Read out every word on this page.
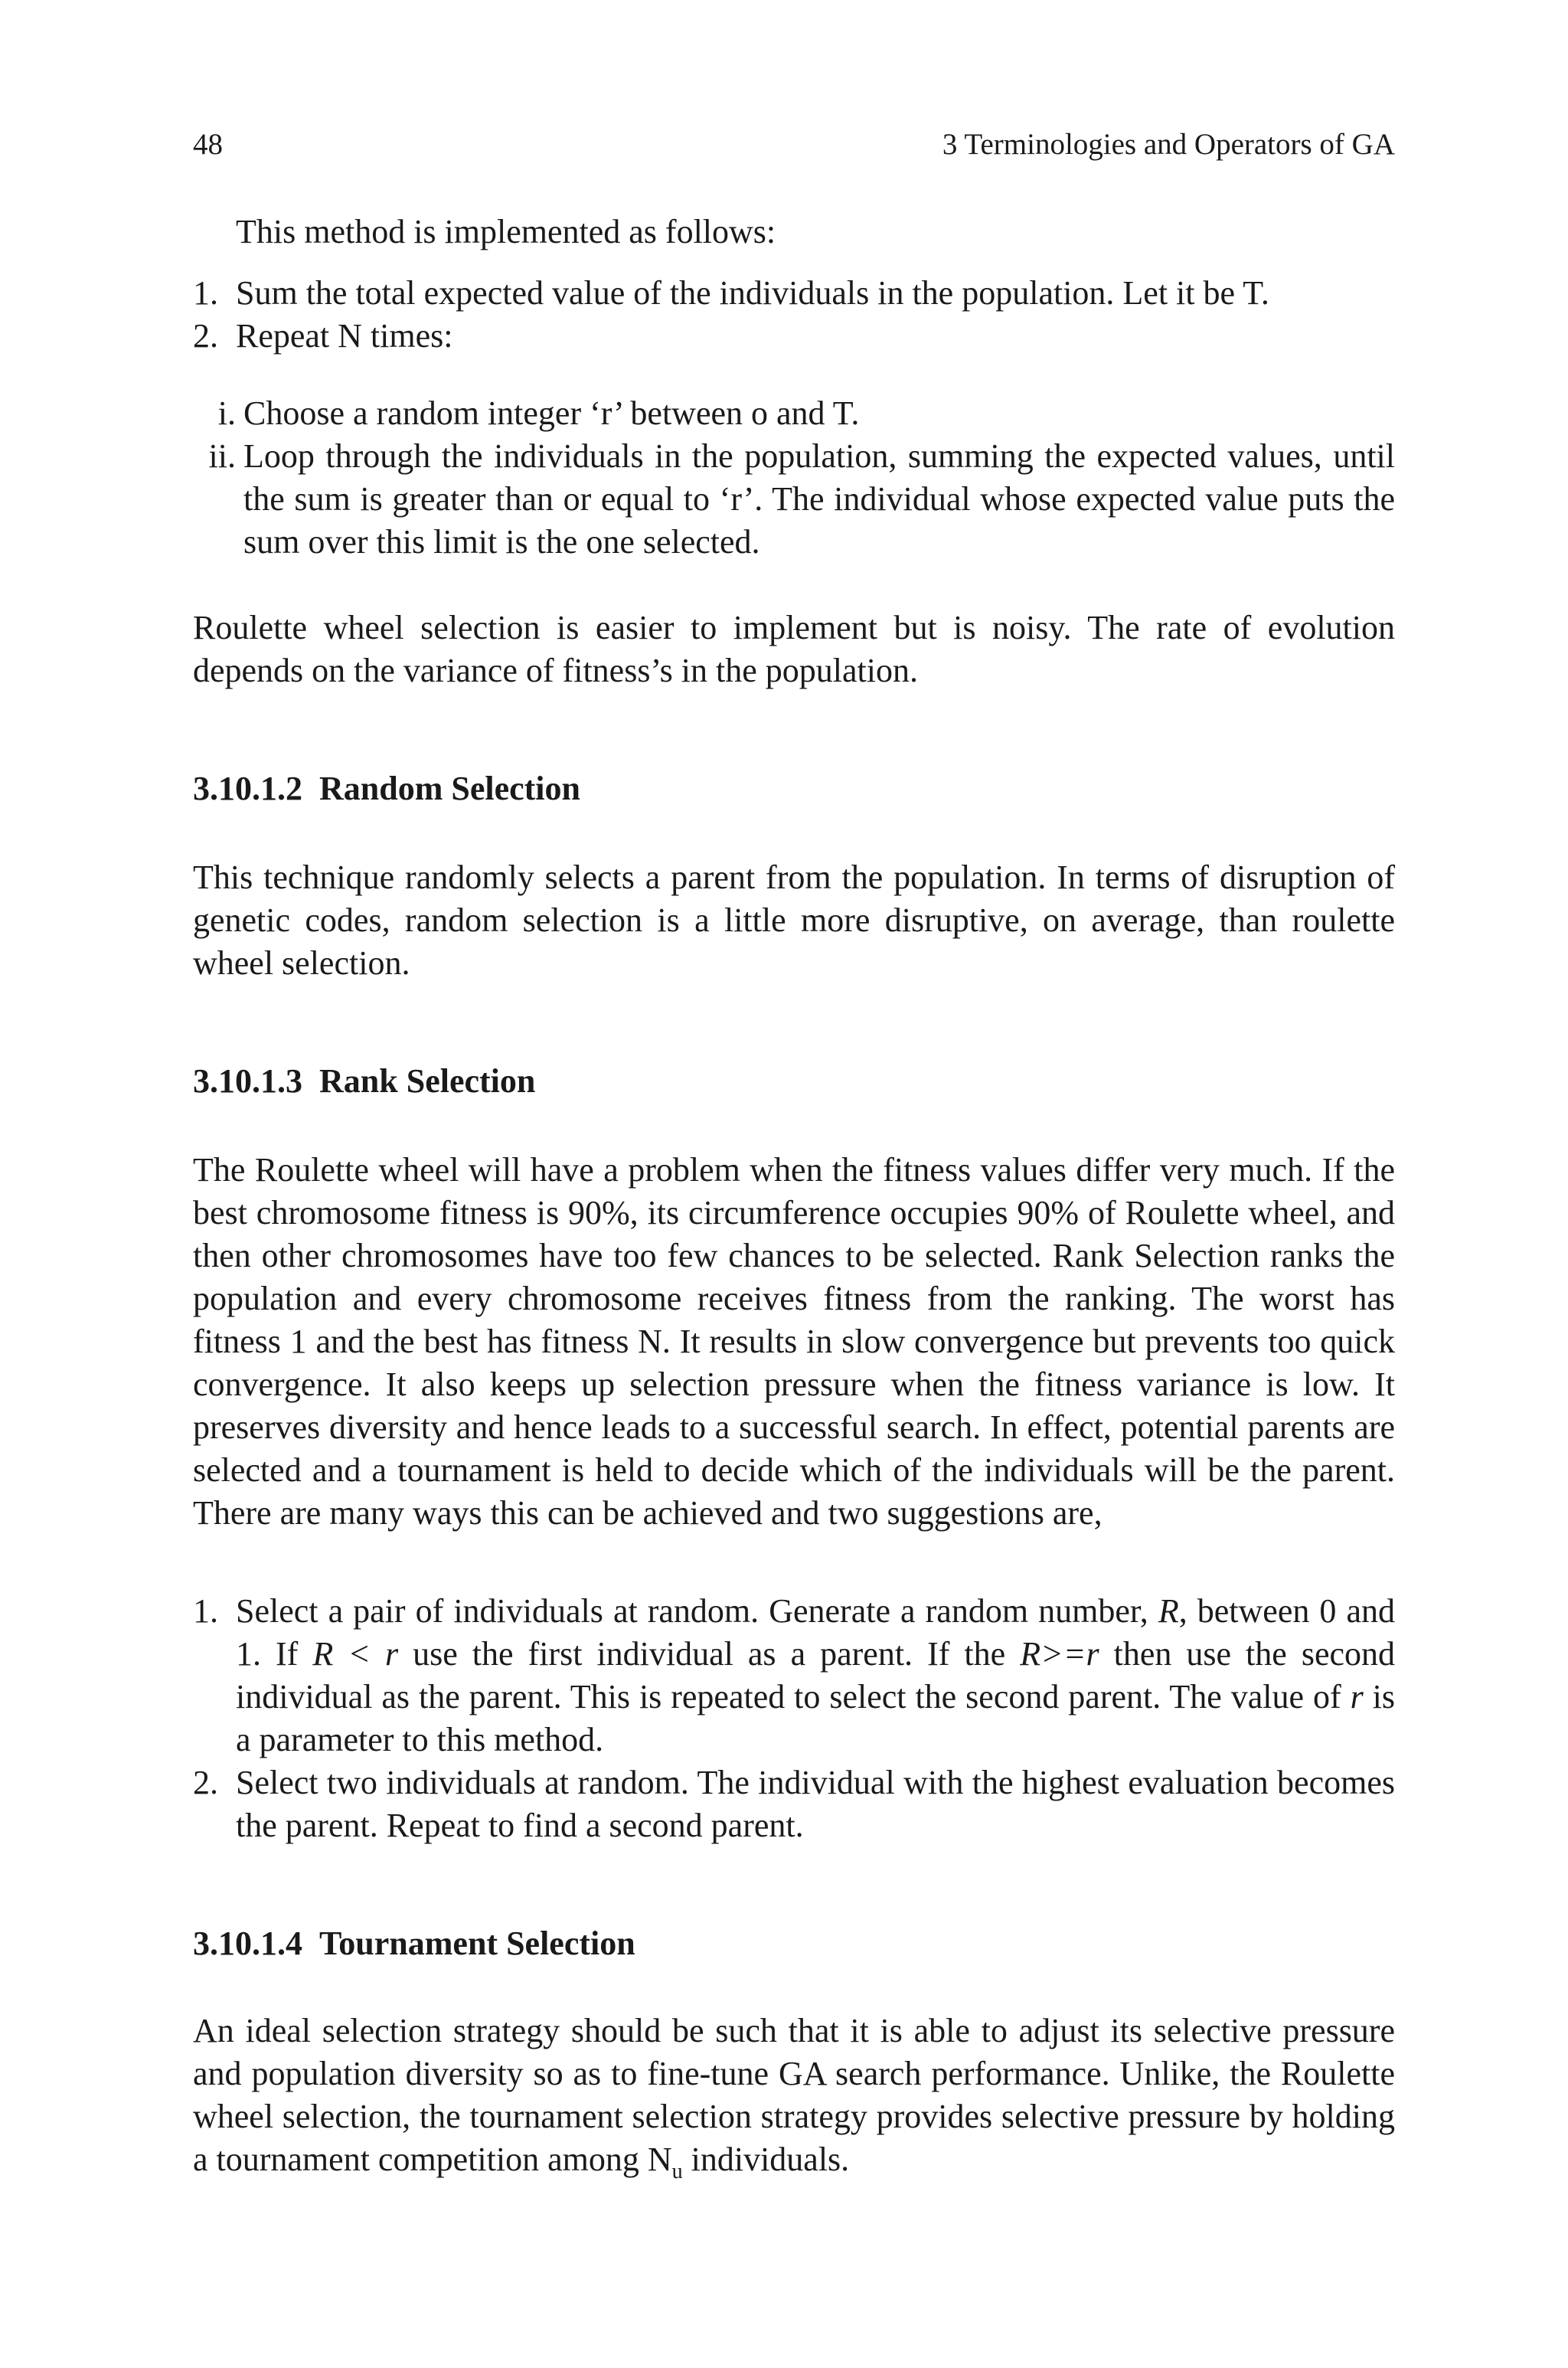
48	3 Terminologies and Operators of GA

This method is implemented as follows:

1. Sum the total expected value of the individuals in the population. Let it be T.
2. Repeat N times:
i. Choose a random integer ‘r’ between o and T.
ii. Loop through the individuals in the population, summing the expected values, until the sum is greater than or equal to ‘r’. The individual whose expected value puts the sum over this limit is the one selected.

Roulette wheel selection is easier to implement but is noisy. The rate of evolution depends on the variance of fitness’s in the population.

3.10.1.2 Random Selection

This technique randomly selects a parent from the population. In terms of disruption of genetic codes, random selection is a little more disruptive, on average, than roulette wheel selection.

3.10.1.3 Rank Selection

The Roulette wheel will have a problem when the fitness values differ very much. If the best chromosome fitness is 90%, its circumference occupies 90% of Roulette wheel, and then other chromosomes have too few chances to be selected. Rank Selection ranks the population and every chromosome receives fitness from the ranking. The worst has fitness 1 and the best has fitness N. It results in slow convergence but prevents too quick convergence. It also keeps up selection pressure when the fitness variance is low. It preserves diversity and hence leads to a successful search. In effect, potential parents are selected and a tournament is held to decide which of the individuals will be the parent. There are many ways this can be achieved and two suggestions are,

1. Select a pair of individuals at random. Generate a random number, R, between 0 and 1. If R < r use the first individual as a parent. If the R>=r then use the second individual as the parent. This is repeated to select the second parent. The value of r is a parameter to this method.
2. Select two individuals at random. The individual with the highest evaluation becomes the parent. Repeat to find a second parent.
3.10.1.4 Tournament Selection

An ideal selection strategy should be such that it is able to adjust its selective pressure and population diversity so as to fine-tune GA search performance. Unlike, the Roulette wheel selection, the tournament selection strategy provides selective pressure by holding a tournament competition among $N_u$ individuals.
